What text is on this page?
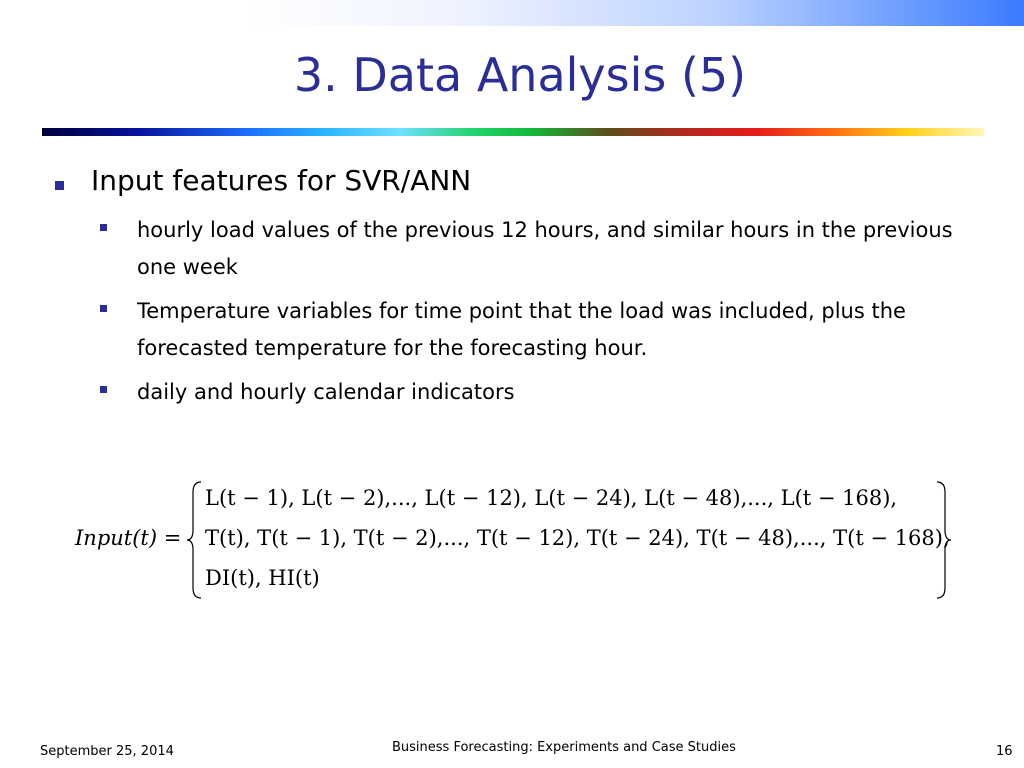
3. Data Analysis (5)
Input features for SVR/ANN
hourly load values of the previous 12 hours, and similar hours in the previous one week
Temperature variables for time point that the load was included, plus the forecasted temperature for the forecasting hour.
daily and hourly calendar indicators
Input(t) =
L(t − 1), L(t − 2),..., L(t − 12), L(t − 24), L(t − 48),..., L(t − 168),
T(t), T(t − 1), T(t − 2),..., T(t − 12), T(t − 24), T(t − 48),..., T(t − 168),
DI(t), HI(t)
September 25, 2014	Business Forecasting: Experiments and Case Studies	16
